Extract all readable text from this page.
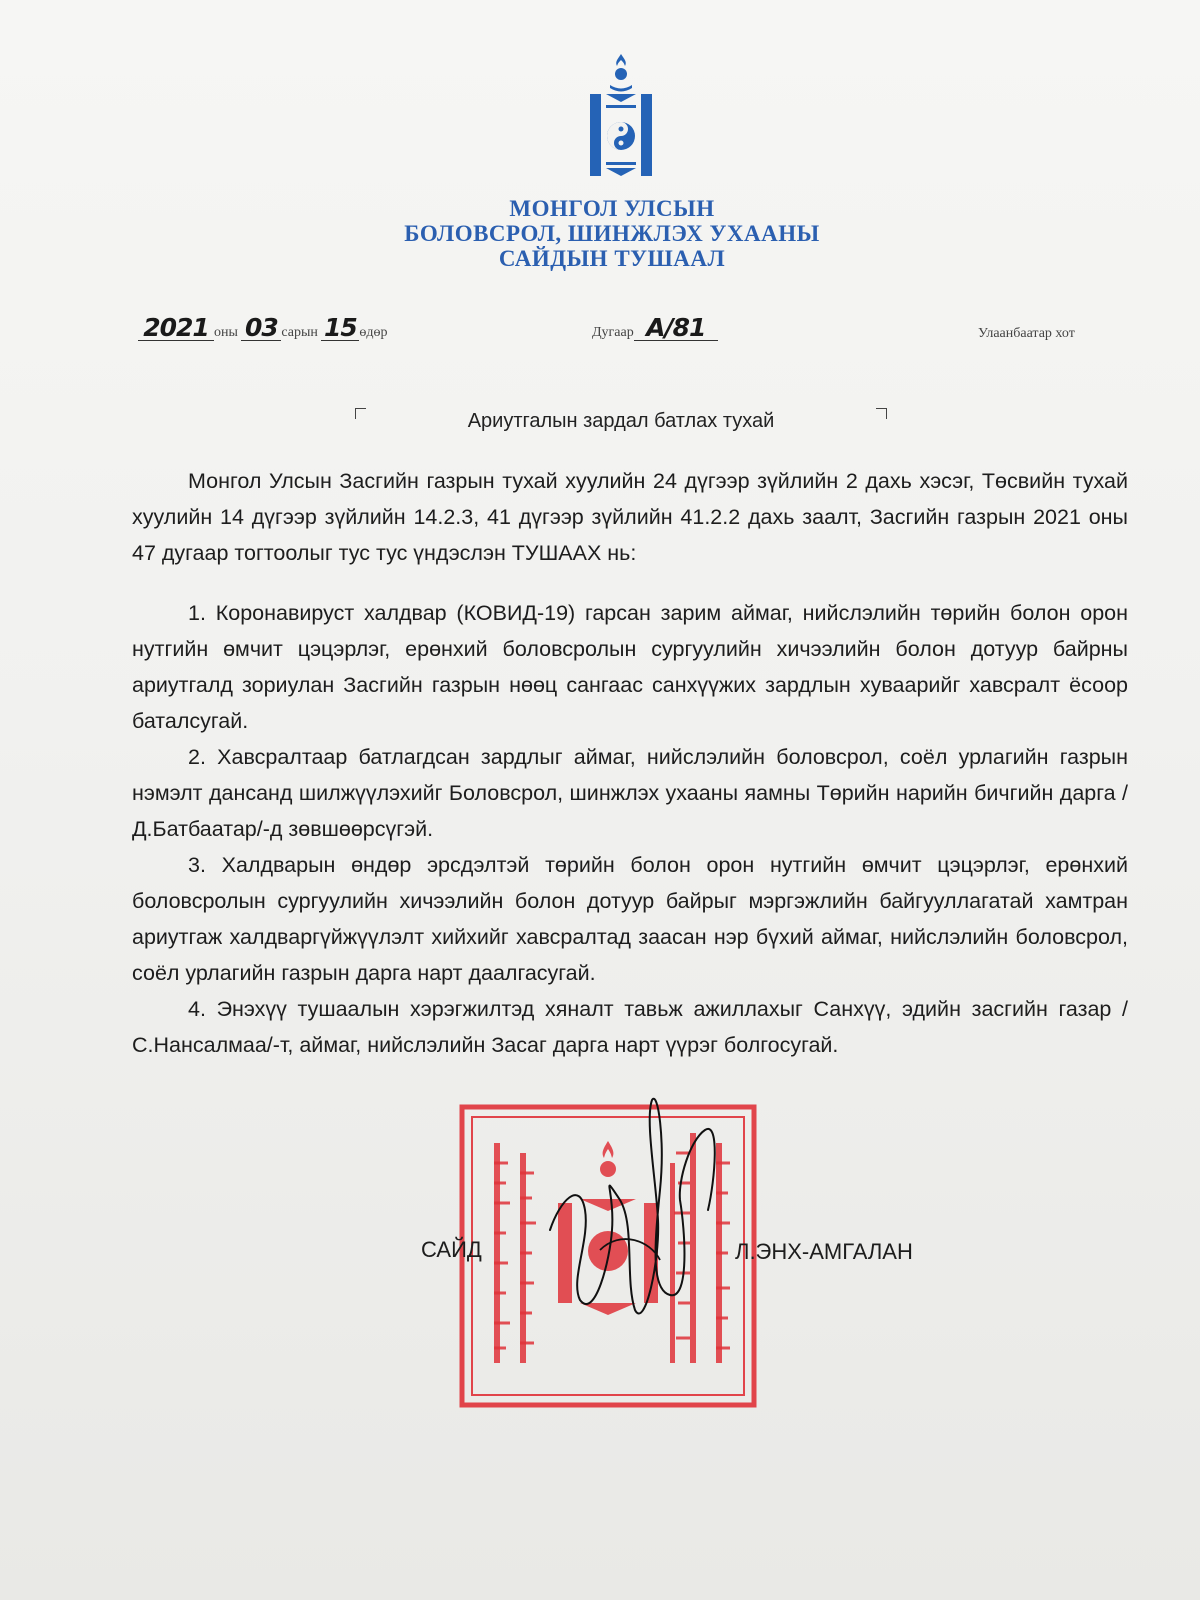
МОНГОЛ УЛСЫН
БОЛОВСРОЛ, ШИНЖЛЭХ УХААНЫ
САЙДЫН ТУШААЛ
2021 оны 03 сарын 15 өдөр	Дугаар А/81	Улаанбаатар хот
Ариутгалын зардал батлах тухай

Монгол Улсын Засгийн газрын тухай хуулийн 24 дүгээр зүйлийн 2 дахь хэсэг, Төсвийн тухай хуулийн 14 дүгээр зүйлийн 14.2.3, 41 дүгээр зүйлийн 41.2.2 дахь заалт, Засгийн газрын 2021 оны 47 дугаар тогтоолыг тус тус үндэслэн ТУШААХ нь:

1. Коронавируст халдвар (КОВИД-19) гарсан зарим аймаг, нийслэлийн төрийн болон орон нутгийн өмчит цэцэрлэг, ерөнхий боловсролын сургуулийн хичээлийн болон дотуур байрны ариутгалд зориулан Засгийн газрын нөөц сангаас санхүүжих зардлын хуваарийг хавсралт ёсоор баталсугай.

2. Хавсралтаар батлагдсан зардлыг аймаг, нийслэлийн боловсрол, соёл урлагийн газрын нэмэлт дансанд шилжүүлэхийг Боловсрол, шинжлэх ухааны яамны Төрийн нарийн бичгийн дарга /Д.Батбаатар/-д зөвшөөрсүгэй.

3. Халдварын өндөр эрсдэлтэй төрийн болон орон нутгийн өмчит цэцэрлэг, ерөнхий боловсролын сургуулийн хичээлийн болон дотуур байрыг мэргэжлийн байгууллагатай хамтран ариутгаж халдваргүйжүүлэлт хийхийг хавсралтад заасан нэр бүхий аймаг, нийслэлийн боловсрол, соёл урлагийн газрын дарга нарт даалгасугай.

4. Энэхүү тушаалын хэрэгжилтэд хяналт тавьж ажиллахыг Санхүү, эдийн засгийн газар /С.Нансалмаа/-т, аймаг, нийслэлийн Засаг дарга нарт үүрэг болгосугай.

САЙД	Л.ЭНХ-АМГАЛАН
